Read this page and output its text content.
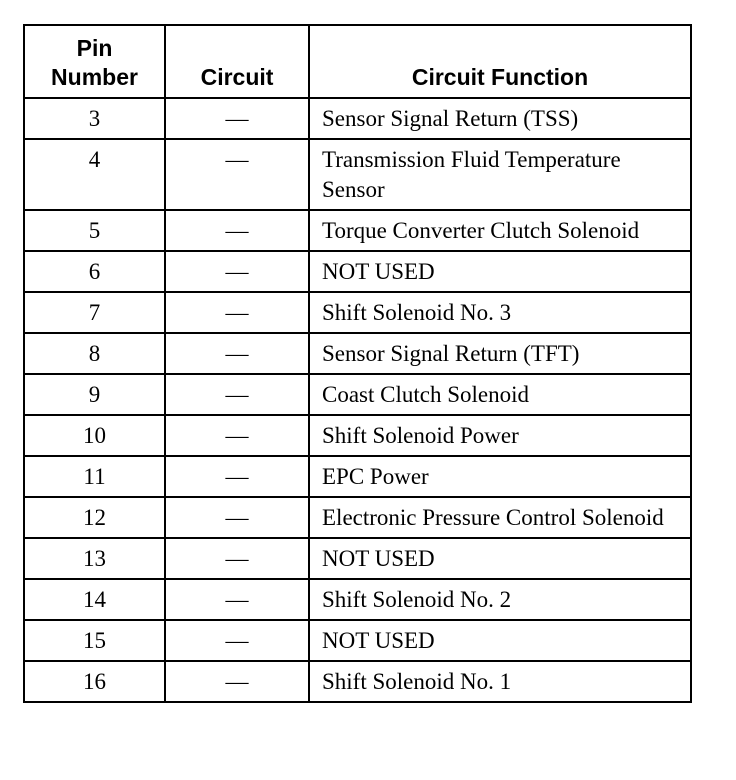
Pin
Number	Circuit	Circuit Function
3	—	Sensor Signal Return (TSS)
4	—	Transmission Fluid Temperature Sensor
5	—	Torque Converter Clutch Solenoid
6	—	NOT USED
7	—	Shift Solenoid No. 3
8	—	Sensor Signal Return (TFT)
9	—	Coast Clutch Solenoid
10	—	Shift Solenoid Power
11	—	EPC Power
12	—	Electronic Pressure Control Solenoid
13	—	NOT USED
14	—	Shift Solenoid No. 2
15	—	NOT USED
16	—	Shift Solenoid No. 1
